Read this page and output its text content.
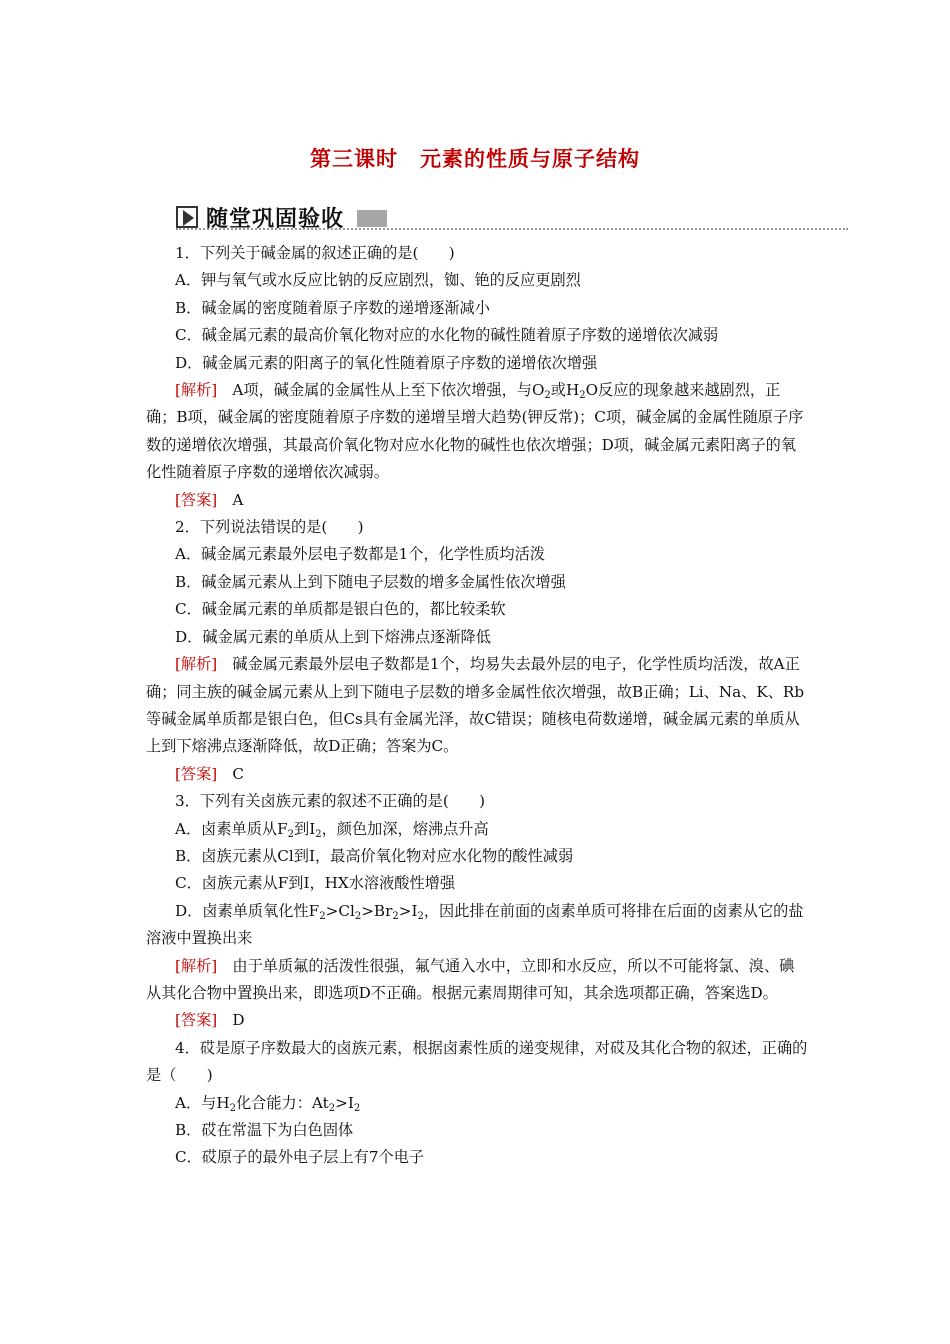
第三课时　元素的性质与原子结构
随堂巩固验收

1．下列关于碱金属的叙述正确的是(　　)

A．钾与氧气或水反应比钠的反应剧烈，铷、铯的反应更剧烈

B．碱金属的密度随着原子序数的递增逐渐减小

C．碱金属元素的最高价氧化物对应的水化物的碱性随着原子序数的递增依次减弱

D．碱金属元素的阳离子的氧化性随着原子序数的递增依次增强

[解析]　A项，碱金属的金属性从上至下依次增强，与$O_2$或$H_2O$反应的现象越来越剧烈，正确；B项，碱金属的密度随着原子序数的递增呈增大趋势(钾反常)；C项，碱金属的金属性随原子序数的递增依次增强，其最高价氧化物对应水化物的碱性也依次增强；D项，碱金属元素阳离子的氧化性随着原子序数的递增依次减弱。

[答案]　A

2．下列说法错误的是(　　)

A．碱金属元素最外层电子数都是1个，化学性质均活泼

B．碱金属元素从上到下随电子层数的增多金属性依次增强

C．碱金属元素的单质都是银白色的，都比较柔软

D．碱金属元素的单质从上到下熔沸点逐渐降低

[解析]　碱金属元素最外层电子数都是1个，均易失去最外层的电子，化学性质均活泼，故A正确；同主族的碱金属元素从上到下随电子层数的增多金属性依次增强，故B正确；Li、Na、K、Rb等碱金属单质都是银白色，但Cs具有金属光泽，故C错误；随核电荷数递增，碱金属元素的单质从上到下熔沸点逐渐降低，故D正确；答案为C。

[答案]　C

3．下列有关卤族元素的叙述不正确的是(　　)

A．卤素单质从$F_2$到$I_2$，颜色加深，熔沸点升高

B．卤族元素从Cl到I，最高价氧化物对应水化物的酸性减弱

C．卤族元素从F到I，HX水溶液酸性增强

D．卤素单质氧化性$F_2>Cl_2>Br_2>I_2$，因此排在前面的卤素单质可将排在后面的卤素从它的盐溶液中置换出来

[解析]　由于单质氟的活泼性很强，氟气通入水中，立即和水反应，所以不可能将氯、溴、碘从其化合物中置换出来，即选项D不正确。根据元素周期律可知，其余选项都正确，答案选D。

[答案]　D

4．砹是原子序数最大的卤族元素，根据卤素性质的递变规律，对砹及其化合物的叙述，正确的是（　　)

A．与$H_2$化合能力：$At_2>I_2$

B．砹在常温下为白色固体

C．砹原子的最外电子层上有7个电子
